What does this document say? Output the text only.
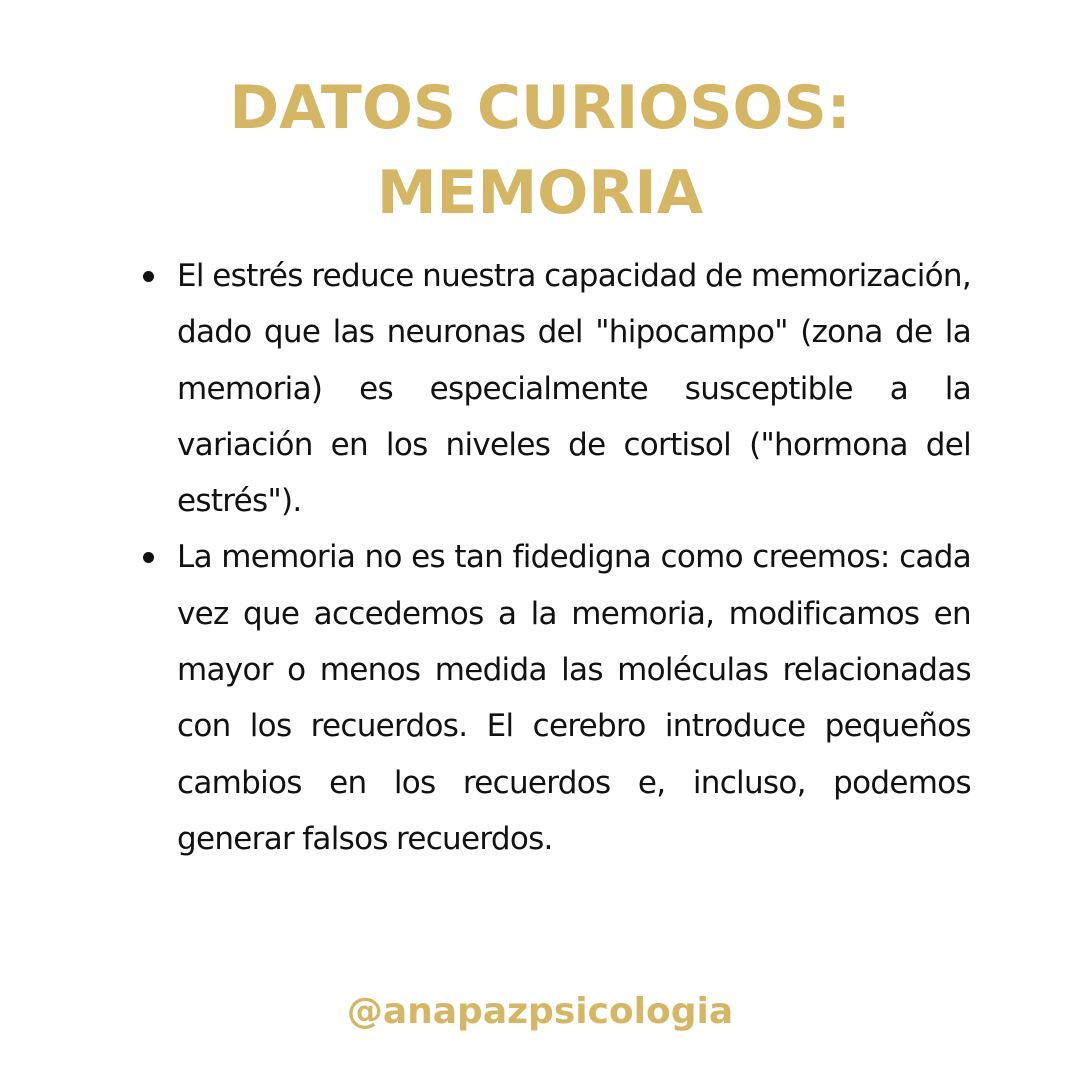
DATOS CURIOSOS:
MEMORIA
El estrés reduce nuestra capacidad de memorización, dado que las neuronas del "hipocampo" (zona de la memoria) es especialmente susceptible a la variación en los niveles de cortisol ("hormona del estrés").
La memoria no es tan fidedigna como creemos: cada vez que accedemos a la memoria, modificamos en mayor o menos medida las moléculas relacionadas con los recuerdos. El cerebro introduce pequeños cambios en los recuerdos e, incluso, podemos generar falsos recuerdos.
@anapazpsicologia
